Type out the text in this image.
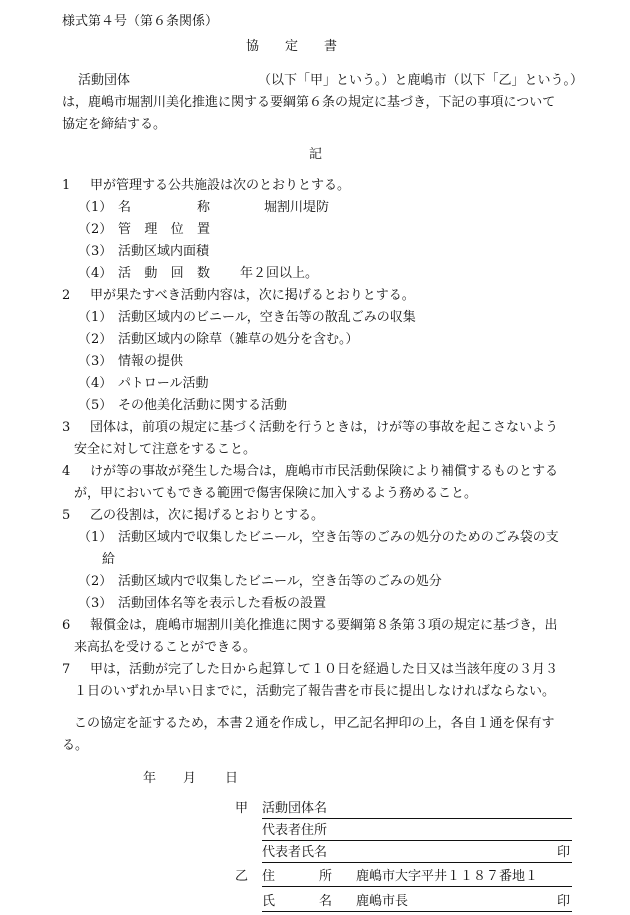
様式第４号（第６条関係）
協　　定　　書
活動団体	（以下「甲」という。）と鹿嶋市（以下「乙」という。）
は，鹿嶋市堀割川美化推進に関する要綱第６条の規定に基づき，下記の事項について
協定を締結する。
記
1 甲が管理する公共施設は次のとおりとする。
（1） 名	称	堀割川堤防
（2） 管 理 位 置
（3） 活動区域内面積
（4） 活 動 回 数 年２回以上。
2 甲が果たすべき活動内容は，次に掲げるとおりとする。
（1） 活動区域内のビニール，空き缶等の散乱ごみの収集
（2） 活動区域内の除草（雑草の処分を含む。）
（3） 情報の提供
（4） パトロール活動
（5） その他美化活動に関する活動
3 団体は，前項の規定に基づく活動を行うときは，けが等の事故を起こさないよう
安全に対して注意をすること。
4 けが等の事故が発生した場合は，鹿嶋市市民活動保険により補償するものとする
が，甲においてもできる範囲で傷害保険に加入するよう務めること。
5 乙の役割は，次に掲げるとおりとする。
（1） 活動区域内で収集したビニール，空き缶等のごみの処分のためのごみ袋の支
給
（2） 活動区域内で収集したビニール，空き缶等のごみの処分
（3） 活動団体名等を表示した看板の設置
6 報償金は，鹿嶋市堀割川美化推進に関する要綱第８条第３項の規定に基づき，出
来高払を受けることができる。
7 甲は，活動が完了した日から起算して１０日を経過した日又は当該年度の３月３
１日のいずれか早い日までに，活動完了報告書を市長に提出しなければならない。
この協定を証するため，本書２通を作成し，甲乙記名押印の上，各自１通を保有す
る。
年 月 日
甲 活動団体名
代表者住所
代表者氏名	印
乙 住	所 鹿嶋市大字平井１１８７番地１
氏	名 鹿嶋市長	印
